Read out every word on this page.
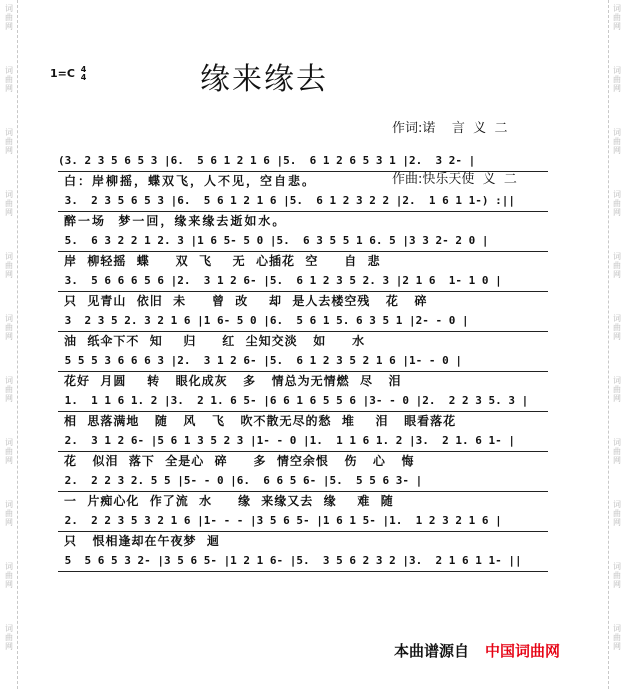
词
曲
网
词
曲
网
词
曲
网
词
曲
网
词
曲
网
词
曲
网
词
曲
网
词
曲
网
词
曲
网
词
曲
网
词
曲
网
词
曲
网
词
曲
网
词
曲
网
词
曲
网
词
曲
网
词
曲
网
词
曲
网
词
曲
网
词
曲
网
词
曲
网
词
曲
网
1=C 4
4	缘来缘去

作词:诺    言  义  二

作曲:快乐天使  义  二

(3. 2 3 5 6 5 3 |6.  5 6 1 2 1 6 |5.  6 1 2 6 5 3 1 |2.  3 2- |
白：岸柳摇，蝶双飞，人不见，空自悲。
3.  2 3 5 6 5 3 |6.  5 6 1 2 1 6 |5.  6 1 2 3 2 2 |2.  1 6 1 1-) :||
醉一场  梦一回，缘来缘去逝如水。
5.  6 3 2 2 1 2. 3 |1 6 5- 5 0 |5.  6 3 5 5 1 6. 5 |3 3 2- 2 0 |
岸  柳轻摇  蝶     双  飞    无  心插花  空     自  悲
3.  5 6 6 6 5 6 |2.  3 1 2 6- |5.  6 1 2 3 5 2. 3 |2 1 6  1- 1 0 |
只  见青山  依旧  未     曾  改    却  是人去楼空残   花   碎
3  2 3 5 2. 3 2 1 6 |1 6- 5 0 |6.  5 6 1 5. 6 3 5 1 |2- - 0 |
油  纸伞下不  知    归     红  尘知交淡   如     水
5 5 5 3 6 6 6 3 |2.  3 1 2 6- |5.  6 1 2 3 5 2 1 6 |1- - 0 |
花好  月圆    转   眼化成灰   多   情总为无情燃  尽   泪
1.  1 1 6 1. 2 |3.  2 1. 6 5- |6 6 1 6 5 5 6 |3- - 0 |2.  2 2 3 5. 3 |
相  思落满地   随   风   飞   吹不散无尽的愁  堆    泪   眼看落花
2.  3 1 2 6- |5 6 1 3 5 2 3 |1- - 0 |1.  1 1 6 1. 2 |3.  2 1. 6 1- |
花   似泪  落下  全是心  碎     多  情空余恨   伤   心   悔
2.  2 2 3 2. 5 5 |5- - 0 |6.  6 6 5 6- |5.  5 5 6 3- |
一  片痴心化  作了流  水     缘  来缘又去  缘    难  随
2.  2 2 3 5 3 2 1 6 |1- - - |3 5 6 5- |1 6 1 5- |1.  1 2 3 2 1 6 |
只   恨相逢却在午夜梦  迴
5  5 6 5 3 2- |3 5 6 5- |1 2 1 6- |5.  3 5 6 2 3 2 |3.  2 1 6 1 1- ||
本曲谱源自 中国词曲网
